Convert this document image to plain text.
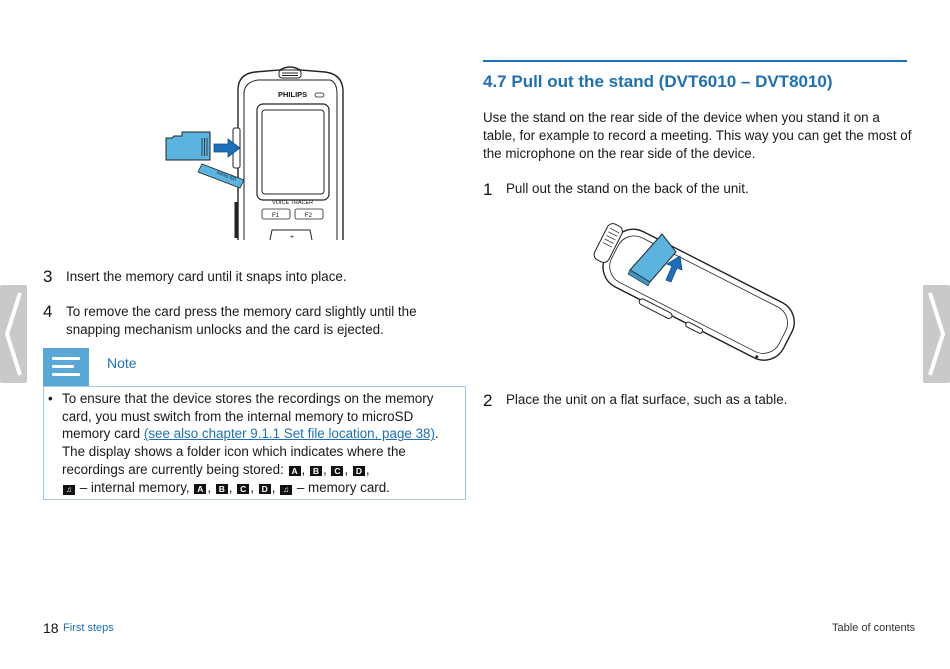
PHILIPS
VOICE TRACER
F1	F2
+
micro SD
3 Insert the memory card until it snaps into place.
4 To remove the card press the memory card slightly until the snapping mechanism unlocks and the card is ejected.
Note
• To ensure that the device stores the recordings on the memory card, you must switch from the internal memory to microSD memory card (see also chapter 9.1.1 Set file location, page 38). The display shows a folder icon which indicates where the recordings are currently being stored: A , B , C , D ,
♫ – internal memory, A , B , C , D , ♫ – memory card.
4.7 Pull out the stand (DVT6010 – DVT8010)
Use the stand on the rear side of the device when you stand it on a table, for example to record a meeting. This way you can get the most of the microphone on the rear side of the device.
1 Pull out the stand on the back of the unit.
2 Place the unit on a flat surface, such as a table.
18 First steps	Table of contents
